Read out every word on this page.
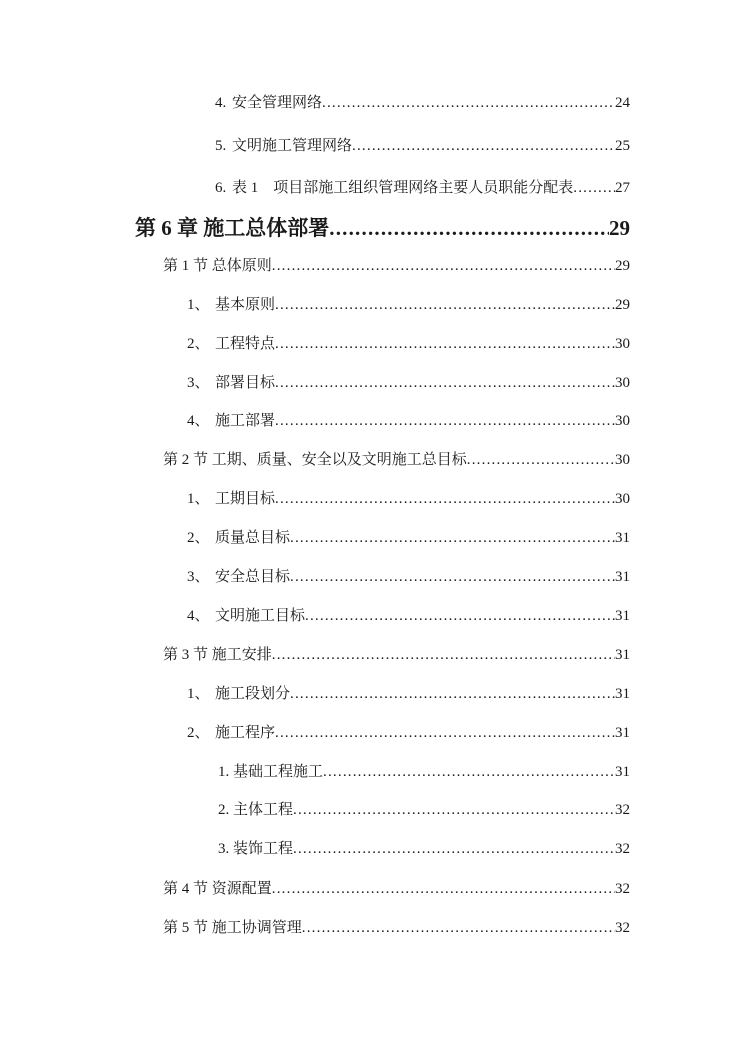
4. 安全管理网络 .....	24
5. 文明施工管理网络 .....	25
6. 表 1　项目部施工组织管理网络主要人员职能分配表 .....	27
第 6 章 施工总体部署 .....	29
第 1 节 总体原则 .....	29
1、 基本原则 .....	29
2、 工程特点 .....	30
3、 部署目标 .....	30
4、 施工部署 .....	30
第 2 节 工期、质量、安全以及文明施工总目标 .....	30
1、 工期目标 .....	30
2、 质量总目标 .....	31
3、 安全总目标 .....	31
4、 文明施工目标 .....	31
第 3 节 施工安排 .....	31
1、 施工段划分 .....	31
2、 施工程序 .....	31
1. 基础工程施工 .....	31
2. 主体工程 .....	32
3. 装饰工程 .....	32
第 4 节 资源配置 .....	32
第 5 节 施工协调管理 .....	32
